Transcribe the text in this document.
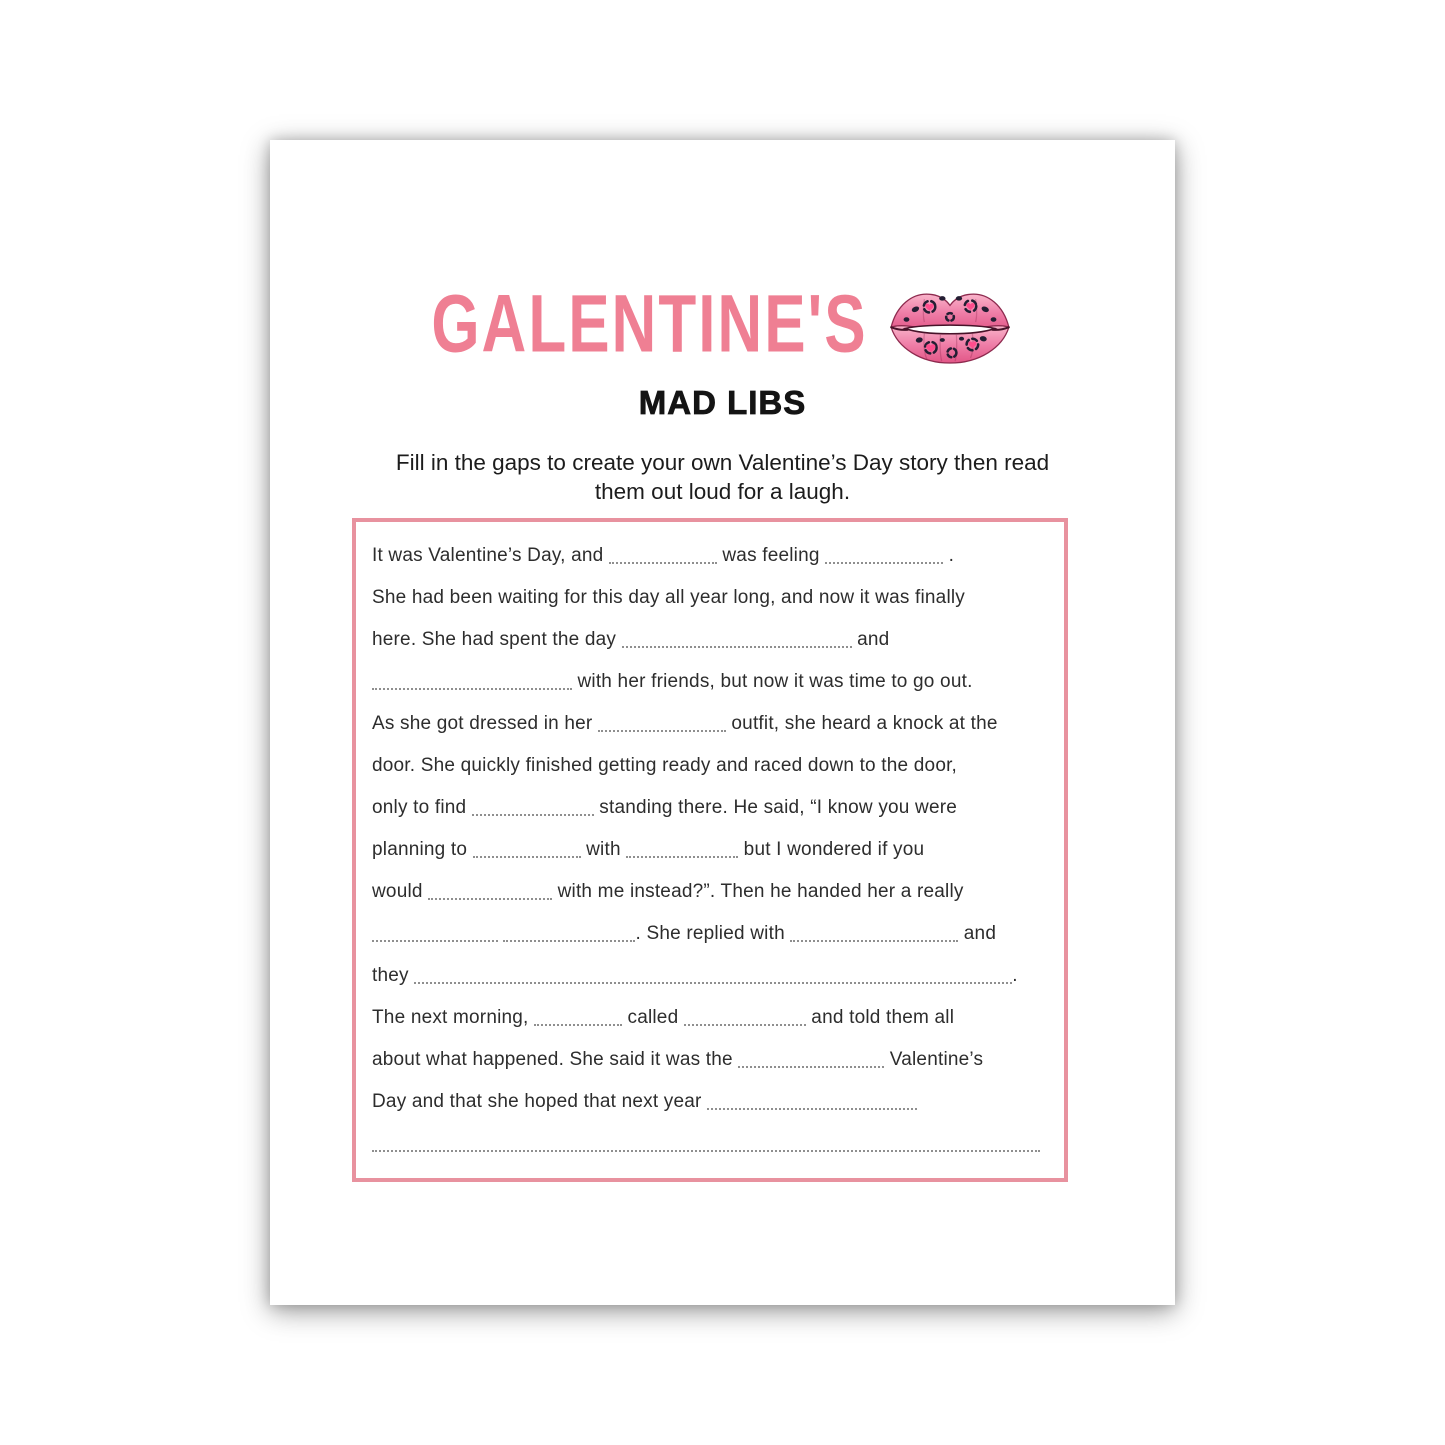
GALENTINE'S
MAD LIBS

Fill in the gaps to create your own Valentine’s Day story then read them out loud for a laugh.

It was Valentine’s Day, and	was feeling	.
She had been waiting for this day all year long, and now it was finally
here. She had spent the day	and
with her friends, but now it was time to go out.
As she got dressed in her	outfit, she heard a knock at the
door. She quickly finished getting ready and raced down to the door,
only to find	standing there. He said, “I know you were
planning to	with	but I wondered if you
would	with me instead?”. Then he handed her a really
. She replied with	and
they	.
The next morning,	called	and told them all
about what happened. She said it was the	Valentine’s
Day and that she hoped that next year
